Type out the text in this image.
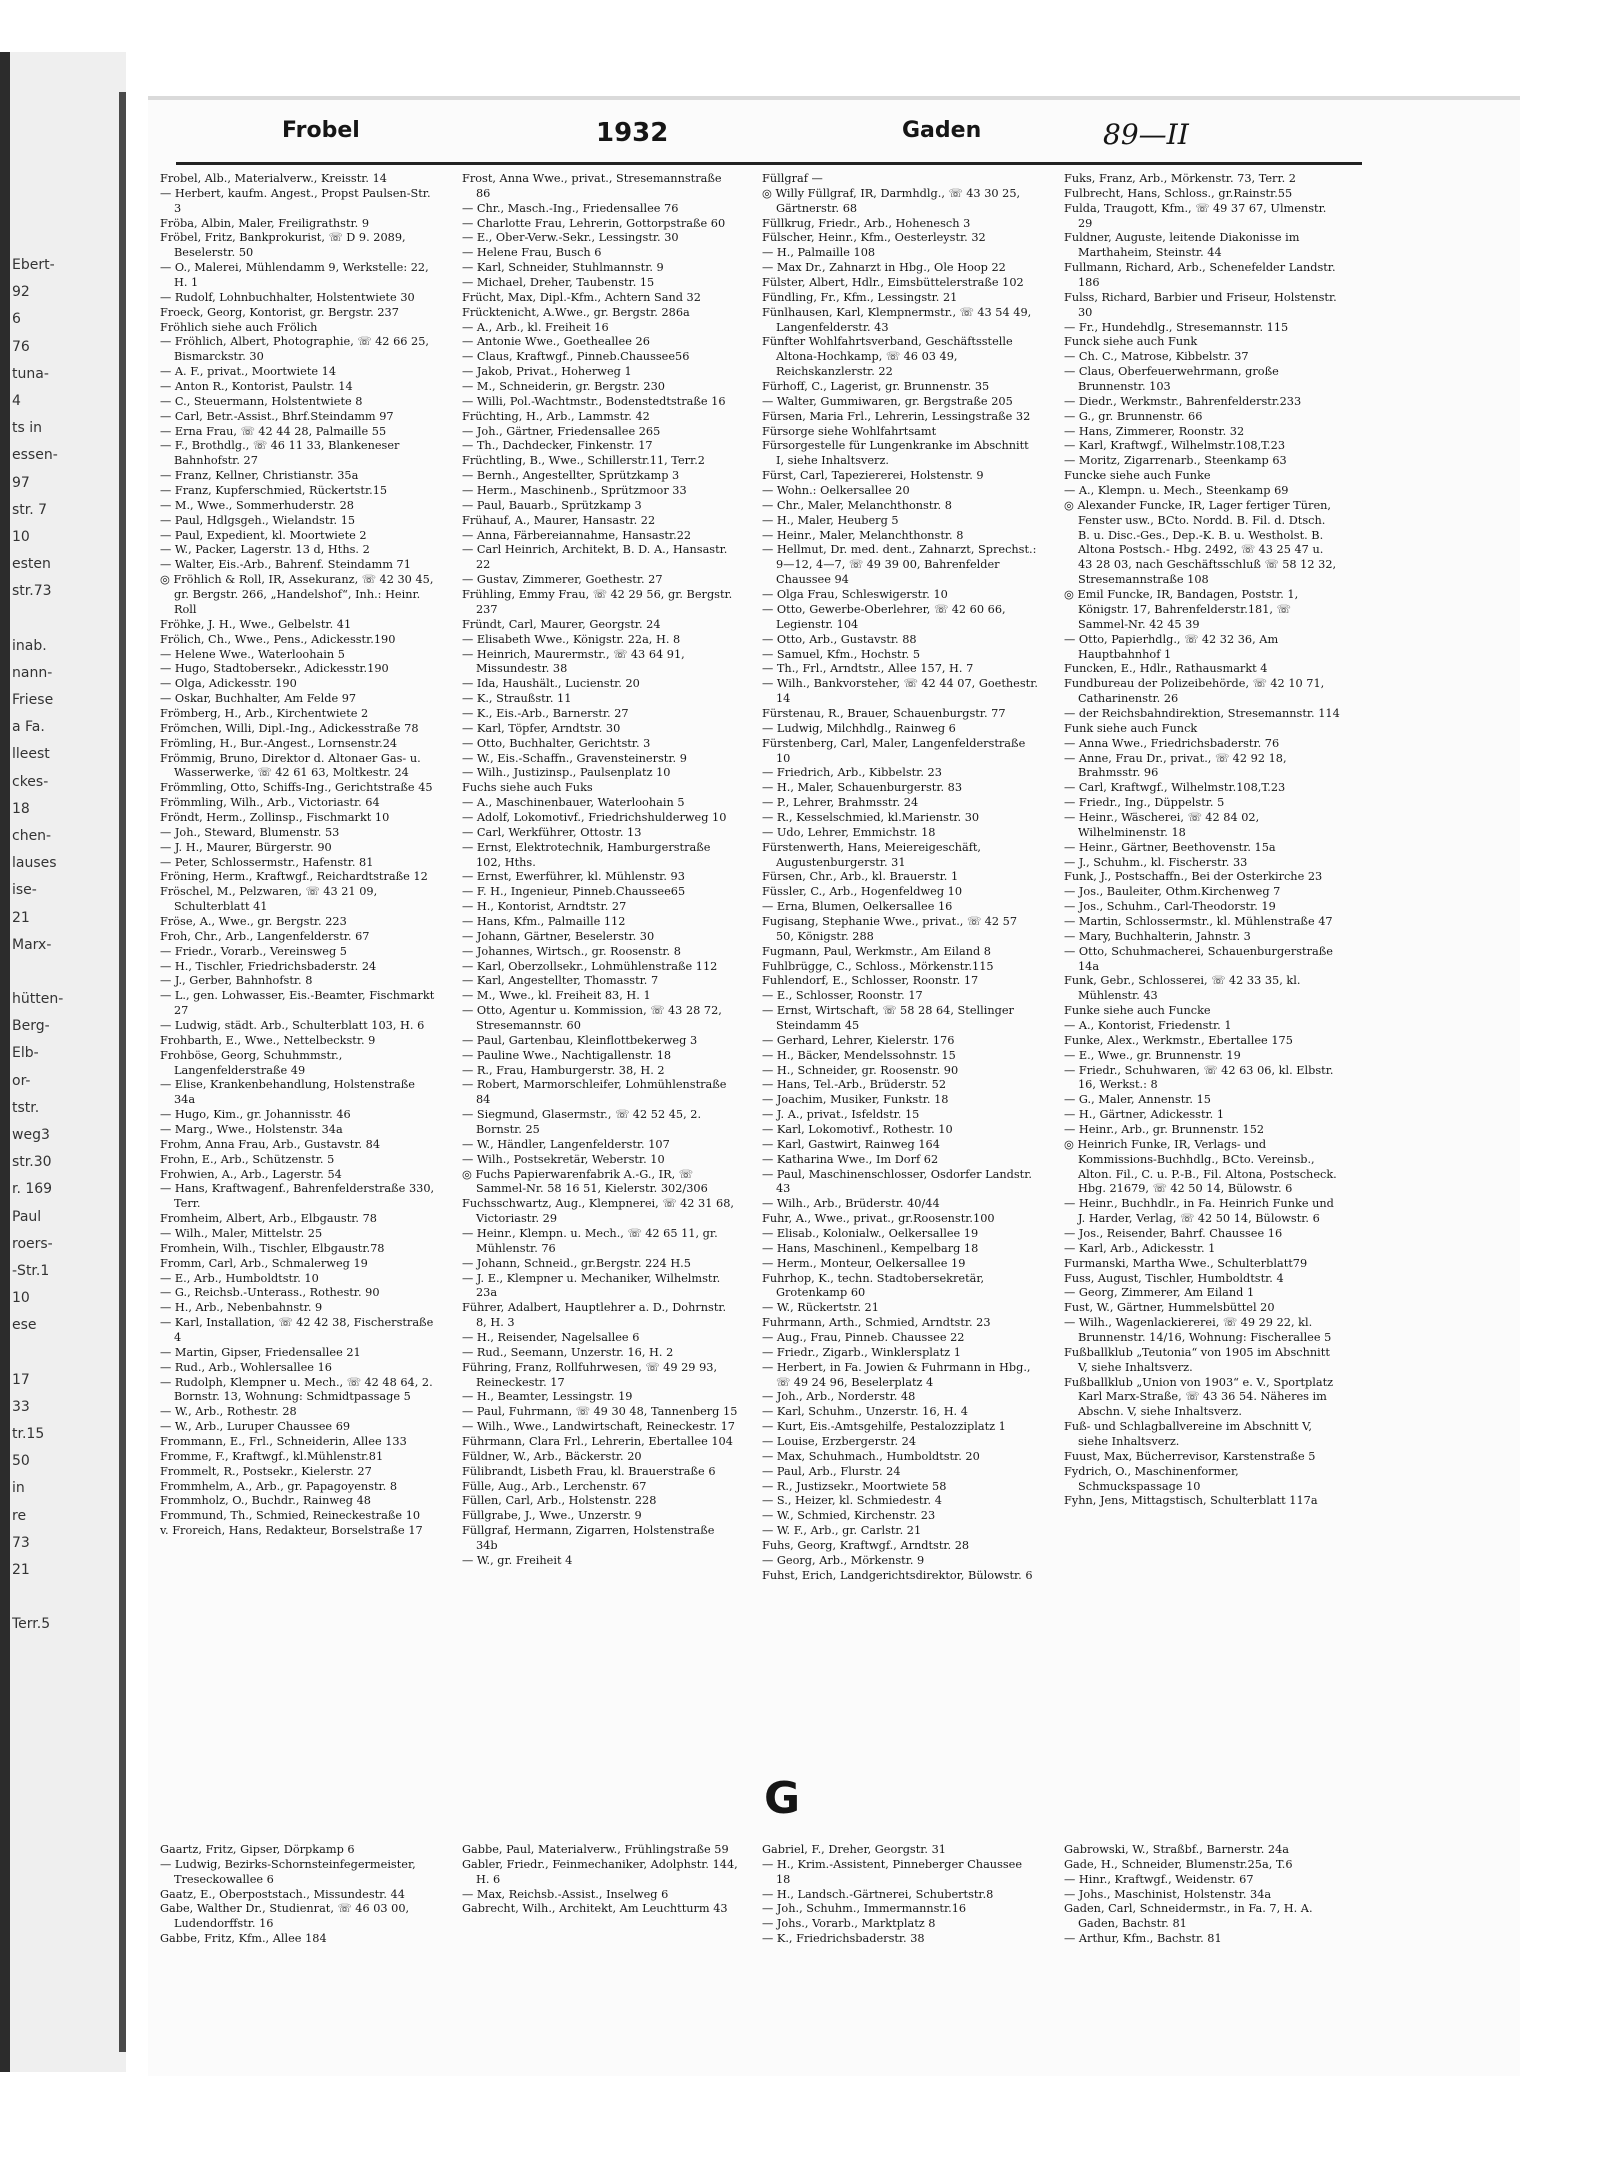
Ebert-
92
6
76
tuna-
4
ts in
essen-
97
str. 7
10
esten
str.73
inab.
nann-
Friese
a Fa.
lleest
ckes-
18
chen-
lauses
ise-
21
Marx-
hütten-
Berg-
Elb-
or-
tstr.
weg3
str.30
r. 169
Paul
roers-
-Str.1
10
ese
17
33
tr.15
50
in
re
73
21
Terr.5
Frobel	1932	Gaden	89—II
Frobel, Alb., Materialverw., Kreisstr. 14
— Herbert, kaufm. Angest., Propst Paulsen-Str. 3
Fröba, Albin, Maler, Freiligrathstr. 9
Fröbel, Fritz, Bankprokurist, ☏ D 9. 2089, Beselerstr. 50
— O., Malerei, Mühlendamm 9, Werkstelle: 22, H. 1
— Rudolf, Lohnbuchhalter, Holstentwiete 30
Froeck, Georg, Kontorist, gr. Bergstr. 237
Fröhlich siehe auch Frölich
— Fröhlich, Albert, Photographie, ☏ 42 66 25, Bismarckstr. 30
— A. F., privat., Moortwiete 14
— Anton R., Kontorist, Paulstr. 14
— C., Steuermann, Holstentwiete 8
— Carl, Betr.-Assist., Bhrf.Steindamm 97
— Erna Frau, ☏ 42 44 28, Palmaille 55
— F., Brothdlg., ☏ 46 11 33, Blankeneser Bahnhofstr. 27
— Franz, Kellner, Christianstr. 35a
— Franz, Kupferschmied, Rückertstr.15
— M., Wwe., Sommerhuderstr. 28
— Paul, Hdlgsgeh., Wielandstr. 15
— Paul, Expedient, kl. Moortwiete 2
— W., Packer, Lagerstr. 13 d, Hths. 2
— Walter, Eis.-Arb., Bahrenf. Steindamm 71
◎ Fröhlich & Roll, IR, Assekuranz, ☏ 42 30 45, gr. Bergstr. 266, „Handelshof“, Inh.: Heinr. Roll
Fröhke, J. H., Wwe., Gelbelstr. 41
Frölich, Ch., Wwe., Pens., Adickesstr.190
— Helene Wwe., Waterloohain 5
— Hugo, Stadtobersekr., Adickesstr.190
— Olga, Adickesstr. 190
— Oskar, Buchhalter, Am Felde 97
Frömberg, H., Arb., Kirchentwiete 2
Frömchen, Willi, Dipl.-Ing., Adickesstraße 78
Frömling, H., Bur.-Angest., Lornsenstr.24
Frömmig, Bruno, Direktor d. Altonaer Gas- u. Wasserwerke, ☏ 42 61 63, Moltkestr. 24
Frömmling, Otto, Schiffs-Ing., Gerichtstraße 45
Frömmling, Wilh., Arb., Victoriastr. 64
Fröndt, Herm., Zollinsp., Fischmarkt 10
— Joh., Steward, Blumenstr. 53
— J. H., Maurer, Bürgerstr. 90
— Peter, Schlossermstr., Hafenstr. 81
Fröning, Herm., Kraftwgf., Reichardtstraße 12
Fröschel, M., Pelzwaren, ☏ 43 21 09, Schulterblatt 41
Fröse, A., Wwe., gr. Bergstr. 223
Froh, Chr., Arb., Langenfelderstr. 67
— Friedr., Vorarb., Vereinsweg 5
— H., Tischler, Friedrichsbaderstr. 24
— J., Gerber, Bahnhofstr. 8
— L., gen. Lohwasser, Eis.-Beamter, Fischmarkt 27
— Ludwig, städt. Arb., Schulterblatt 103, H. 6
Frohbarth, E., Wwe., Nettelbeckstr. 9
Frohböse, Georg, Schuhmmstr., Langenfelderstraße 49
— Elise, Krankenbehandlung, Holstenstraße 34a
— Hugo, Kim., gr. Johannisstr. 46
— Marg., Wwe., Holstenstr. 34a
Frohm, Anna Frau, Arb., Gustavstr. 84
Frohn, E., Arb., Schützenstr. 5
Frohwien, A., Arb., Lagerstr. 54
— Hans, Kraftwagenf., Bahrenfelderstraße 330, Terr.
Fromheim, Albert, Arb., Elbgaustr. 78
— Wilh., Maler, Mittelstr. 25
Fromhein, Wilh., Tischler, Elbgaustr.78
Fromm, Carl, Arb., Schmalerweg 19
— E., Arb., Humboldtstr. 10
— G., Reichsb.-Unterass., Rothestr. 90
— H., Arb., Nebenbahnstr. 9
— Karl, Installation, ☏ 42 42 38, Fischerstraße 4
— Martin, Gipser, Friedensallee 21
— Rud., Arb., Wohlersallee 16
— Rudolph, Klempner u. Mech., ☏ 42 48 64, 2. Bornstr. 13, Wohnung: Schmidtpassage 5
— W., Arb., Rothestr. 28
— W., Arb., Luruper Chaussee 69
Frommann, E., Frl., Schneiderin, Allee 133
Fromme, F., Kraftwgf., kl.Mühlenstr.81
Frommelt, R., Postsekr., Kielerstr. 27
Frommhelm, A., Arb., gr. Papagoyenstr. 8
Frommholz, O., Buchdr., Rainweg 48
Frommund, Th., Schmied, Reineckestraße 10
v. Froreich, Hans, Redakteur, Borselstraße 17
Frost, Anna Wwe., privat., Stresemannstraße 86
— Chr., Masch.-Ing., Friedensallee 76
— Charlotte Frau, Lehrerin, Gottorpstraße 60
— E., Ober-Verw.-Sekr., Lessingstr. 30
— Helene Frau, Busch 6
— Karl, Schneider, Stuhlmannstr. 9
— Michael, Dreher, Taubenstr. 15
Frücht, Max, Dipl.-Kfm., Achtern Sand 32
Frücktenicht, A.Wwe., gr. Bergstr. 286a
— A., Arb., kl. Freiheit 16
— Antonie Wwe., Goetheallee 26
— Claus, Kraftwgf., Pinneb.Chaussee56
— Jakob, Privat., Hoherweg 1
— M., Schneiderin, gr. Bergstr. 230
— Willi, Pol.-Wachtmstr., Bodenstedtstraße 16
Früchting, H., Arb., Lammstr. 42
— Joh., Gärtner, Friedensallee 265
— Th., Dachdecker, Finkenstr. 17
Früchtling, B., Wwe., Schillerstr.11, Terr.2
— Bernh., Angestellter, Sprützkamp 3
— Herm., Maschinenb., Sprützmoor 33
— Paul, Bauarb., Sprützkamp 3
Frühauf, A., Maurer, Hansastr. 22
— Anna, Färbereiannahme, Hansastr.22
— Carl Heinrich, Architekt, B. D. A., Hansastr. 22
— Gustav, Zimmerer, Goethestr. 27
Frühling, Emmy Frau, ☏ 42 29 56, gr. Bergstr. 237
Fründt, Carl, Maurer, Georgstr. 24
— Elisabeth Wwe., Königstr. 22a, H. 8
— Heinrich, Maurermstr., ☏ 43 64 91, Missundestr. 38
— Ida, Haushält., Lucienstr. 20
— K., Straußstr. 11
— K., Eis.-Arb., Barnerstr. 27
— Karl, Töpfer, Arndtstr. 30
— Otto, Buchhalter, Gerichtstr. 3
— W., Eis.-Schaffn., Gravensteinerstr. 9
— Wilh., Justizinsp., Paulsenplatz 10
Fuchs siehe auch Fuks
— A., Maschinenbauer, Waterloohain 5
— Adolf, Lokomotivf., Friedrichshulderweg 10
— Carl, Werkführer, Ottostr. 13
— Ernst, Elektrotechnik, Hamburgerstraße 102, Hths.
— Ernst, Ewerführer, kl. Mühlenstr. 93
— F. H., Ingenieur, Pinneb.Chaussee65
— H., Kontorist, Arndtstr. 27
— Hans, Kfm., Palmaille 112
— Johann, Gärtner, Beselerstr. 30
— Johannes, Wirtsch., gr. Roosenstr. 8
— Karl, Oberzollsekr., Lohmühlenstraße 112
— Karl, Angestellter, Thomasstr. 7
— M., Wwe., kl. Freiheit 83, H. 1
— Otto, Agentur u. Kommission, ☏ 43 28 72, Stresemannstr. 60
— Paul, Gartenbau, Kleinflottbekerweg 3
— Pauline Wwe., Nachtigallenstr. 18
— R., Frau, Hamburgerstr. 38, H. 2
— Robert, Marmorschleifer, Lohmühlenstraße 84
— Siegmund, Glasermstr., ☏ 42 52 45, 2. Bornstr. 25
— W., Händler, Langenfelderstr. 107
— Wilh., Postsekretär, Weberstr. 10
◎ Fuchs Papierwarenfabrik A.-G., IR, ☏ Sammel-Nr. 58 16 51, Kielerstr. 302/306
Fuchsschwartz, Aug., Klempnerei, ☏ 42 31 68, Victoriastr. 29
— Heinr., Klempn. u. Mech., ☏ 42 65 11, gr. Mühlenstr. 76
— Johann, Schneid., gr.Bergstr. 224 H.5
— J. E., Klempner u. Mechaniker, Wilhelmstr. 23a
Führer, Adalbert, Hauptlehrer a. D., Dohrnstr. 8, H. 3
— H., Reisender, Nagelsallee 6
— Rud., Seemann, Unzerstr. 16, H. 2
Führing, Franz, Rollfuhrwesen, ☏ 49 29 93, Reineckestr. 17
— H., Beamter, Lessingstr. 19
— Paul, Fuhrmann, ☏ 49 30 48, Tannenberg 15
— Wilh., Wwe., Landwirtschaft, Reineckestr. 17
Führmann, Clara Frl., Lehrerin, Ebertallee 104
Füldner, W., Arb., Bäckerstr. 20
Fülibrandt, Lisbeth Frau, kl. Brauerstraße 6
Fülle, Aug., Arb., Lerchenstr. 67
Füllen, Carl, Arb., Holstenstr. 228
Füllgrabe, J., Wwe., Unzerstr. 9
Füllgraf, Hermann, Zigarren, Holstenstraße 34b
— W., gr. Freiheit 4
Füllgraf —
◎ Willy Füllgraf, IR, Darmhdlg., ☏ 43 30 25, Gärtnerstr. 68
Füllkrug, Friedr., Arb., Hohenesch 3
Fülscher, Heinr., Kfm., Oesterleystr. 32
— H., Palmaille 108
— Max Dr., Zahnarzt in Hbg., Ole Hoop 22
Fülster, Albert, Hdlr., Eimsbüttelerstraße 102
Fündling, Fr., Kfm., Lessingstr. 21
Fünlhausen, Karl, Klempnermstr., ☏ 43 54 49, Langenfelderstr. 43
Fünfter Wohlfahrtsverband, Geschäftsstelle Altona-Hochkamp, ☏ 46 03 49, Reichskanzlerstr. 22
Fürhoff, C., Lagerist, gr. Brunnenstr. 35
— Walter, Gummiwaren, gr. Bergstraße 205
Fürsen, Maria Frl., Lehrerin, Lessingstraße 32
Fürsorge siehe Wohlfahrtsamt
Fürsorgestelle für Lungenkranke im Abschnitt I, siehe Inhaltsverz.
Fürst, Carl, Tapeziererei, Holstenstr. 9
— Wohn.: Oelkersallee 20
— Chr., Maler, Melanchthonstr. 8
— H., Maler, Heuberg 5
— Heinr., Maler, Melanchthonstr. 8
— Hellmut, Dr. med. dent., Zahnarzt, Sprechst.: 9—12, 4—7, ☏ 49 39 00, Bahrenfelder Chaussee 94
— Olga Frau, Schleswigerstr. 10
— Otto, Gewerbe-Oberlehrer, ☏ 42 60 66, Legienstr. 104
— Otto, Arb., Gustavstr. 88
— Samuel, Kfm., Hochstr. 5
— Th., Frl., Arndtstr., Allee 157, H. 7
— Wilh., Bankvorsteher, ☏ 42 44 07, Goethestr. 14
Fürstenau, R., Brauer, Schauenburgstr. 77
— Ludwig, Milchhdlg., Rainweg 6
Fürstenberg, Carl, Maler, Langenfelderstraße 10
— Friedrich, Arb., Kibbelstr. 23
— H., Maler, Schauenburgerstr. 83
— P., Lehrer, Brahmsstr. 24
— R., Kesselschmied, kl.Marienstr. 30
— Udo, Lehrer, Emmichstr. 18
Fürstenwerth, Hans, Meiereigeschäft, Augustenburgerstr. 31
Fürsen, Chr., Arb., kl. Brauerstr. 1
Füssler, C., Arb., Hogenfeldweg 10
— Erna, Blumen, Oelkersallee 16
Fugisang, Stephanie Wwe., privat., ☏ 42 57 50, Königstr. 288
Fugmann, Paul, Werkmstr., Am Eiland 8
Fuhlbrügge, C., Schloss., Mörkenstr.115
Fuhlendorf, E., Schlosser, Roonstr. 17
— E., Schlosser, Roonstr. 17
— Ernst, Wirtschaft, ☏ 58 28 64, Stellinger Steindamm 45
— Gerhard, Lehrer, Kielerstr. 176
— H., Bäcker, Mendelssohnstr. 15
— H., Schneider, gr. Roosenstr. 90
— Hans, Tel.-Arb., Brüderstr. 52
— Joachim, Musiker, Funkstr. 18
— J. A., privat., Isfeldstr. 15
— Karl, Lokomotivf., Rothestr. 10
— Karl, Gastwirt, Rainweg 164
— Katharina Wwe., Im Dorf 62
— Paul, Maschinenschlosser, Osdorfer Landstr. 43
— Wilh., Arb., Brüderstr. 40/44
Fuhr, A., Wwe., privat., gr.Roosenstr.100
— Elisab., Kolonialw., Oelkersallee 19
— Hans, Maschinenl., Kempelbarg 18
— Herm., Monteur, Oelkersallee 19
Fuhrhop, K., techn. Stadtobersekretär, Grotenkamp 60
— W., Rückertstr. 21
Fuhrmann, Arth., Schmied, Arndtstr. 23
— Aug., Frau, Pinneb. Chaussee 22
— Friedr., Zigarb., Winklersplatz 1
— Herbert, in Fa. Jowien & Fuhrmann in Hbg., ☏ 49 24 96, Beselerplatz 4
— Joh., Arb., Norderstr. 48
— Karl, Schuhm., Unzerstr. 16, H. 4
— Kurt, Eis.-Amtsgehilfe, Pestalozziplatz 1
— Louise, Erzbergerstr. 24
— Max, Schuhmach., Humboldtstr. 20
— Paul, Arb., Flurstr. 24
— R., Justizsekr., Moortwiete 58
— S., Heizer, kl. Schmiedestr. 4
— W., Schmied, Kirchenstr. 23
— W. F., Arb., gr. Carlstr. 21
Fuhs, Georg, Kraftwgf., Arndtstr. 28
— Georg, Arb., Mörkenstr. 9
Fuhst, Erich, Landgerichtsdirektor, Bülowstr. 6
Fuks, Franz, Arb., Mörkenstr. 73, Terr. 2
Fulbrecht, Hans, Schloss., gr.Rainstr.55
Fulda, Traugott, Kfm., ☏ 49 37 67, Ulmenstr. 29
Fuldner, Auguste, leitende Diakonisse im Marthaheim, Steinstr. 44
Fullmann, Richard, Arb., Schenefelder Landstr. 186
Fulss, Richard, Barbier und Friseur, Holstenstr. 30
— Fr., Hundehdlg., Stresemannstr. 115
Funck siehe auch Funk
— Ch. C., Matrose, Kibbelstr. 37
— Claus, Oberfeuerwehrmann, große Brunnenstr. 103
— Diedr., Werkmstr., Bahrenfelderstr.233
— G., gr. Brunnenstr. 66
— Hans, Zimmerer, Roonstr. 32
— Karl, Kraftwgf., Wilhelmstr.108,T.23
— Moritz, Zigarrenarb., Steenkamp 63
Funcke siehe auch Funke
— A., Klempn. u. Mech., Steenkamp 69
◎ Alexander Funcke, IR, Lager fertiger Türen, Fenster usw., BCto. Nordd. B. Fil. d. Dtsch. B. u. Disc.-Ges., Dep.-K. B. u. Westholst. B. Altona Postsch.- Hbg. 2492, ☏ 43 25 47 u. 43 28 03, nach Geschäftsschluß ☏ 58 12 32, Stresemannstraße 108
◎ Emil Funcke, IR, Bandagen, Poststr. 1, Königstr. 17, Bahrenfelderstr.181, ☏ Sammel-Nr. 42 45 39
— Otto, Papierhdlg., ☏ 42 32 36, Am Hauptbahnhof 1
Funcken, E., Hdlr., Rathausmarkt 4
Fundbureau der Polizeibehörde, ☏ 42 10 71, Catharinenstr. 26
— der Reichsbahndirektion, Stresemannstr. 114
Funk siehe auch Funck
— Anna Wwe., Friedrichsbaderstr. 76
— Anne, Frau Dr., privat., ☏ 42 92 18, Brahmsstr. 96
— Carl, Kraftwgf., Wilhelmstr.108,T.23
— Friedr., Ing., Düppelstr. 5
— Heinr., Wäscherei, ☏ 42 84 02, Wilhelminenstr. 18
— Heinr., Gärtner, Beethovenstr. 15a
— J., Schuhm., kl. Fischerstr. 33
Funk, J., Postschaffn., Bei der Osterkirche 23
— Jos., Bauleiter, Othm.Kirchenweg 7
— Jos., Schuhm., Carl-Theodorstr. 19
— Martin, Schlossermstr., kl. Mühlenstraße 47
— Mary, Buchhalterin, Jahnstr. 3
— Otto, Schuhmacherei, Schauenburgerstraße 14a
Funk, Gebr., Schlosserei, ☏ 42 33 35, kl. Mühlenstr. 43
Funke siehe auch Funcke
— A., Kontorist, Friedenstr. 1
Funke, Alex., Werkmstr., Ebertallee 175
— E., Wwe., gr. Brunnenstr. 19
— Friedr., Schuhwaren, ☏ 42 63 06, kl. Elbstr. 16, Werkst.: 8
— G., Maler, Annenstr. 15
— H., Gärtner, Adickesstr. 1
— Heinr., Arb., gr. Brunnenstr. 152
◎ Heinrich Funke, IR, Verlags- und Kommissions-Buchhdlg., BCto. Vereinsb., Alton. Fil., C. u. P.-B., Fil. Altona, Postscheck. Hbg. 21679, ☏ 42 50 14, Bülowstr. 6
— Heinr., Buchhdlr., in Fa. Heinrich Funke und J. Harder, Verlag, ☏ 42 50 14, Bülowstr. 6
— Jos., Reisender, Bahrf. Chaussee 16
— Karl, Arb., Adickesstr. 1
Furmanski, Martha Wwe., Schulterblatt79
Fuss, August, Tischler, Humboldtstr. 4
— Georg, Zimmerer, Am Eiland 1
Fust, W., Gärtner, Hummelsbüttel 20
— Wilh., Wagenlackiererei, ☏ 49 29 22, kl. Brunnenstr. 14/16, Wohnung: Fischerallee 5
Fußballklub „Teutonia“ von 1905 im Abschnitt V, siehe Inhaltsverz.
Fußballklub „Union von 1903“ e. V., Sportplatz Karl Marx-Straße, ☏ 43 36 54. Näheres im Abschn. V, siehe Inhaltsverz.
Fuß- und Schlagballvereine im Abschnitt V, siehe Inhaltsverz.
Fuust, Max, Bücherrevisor, Karstenstraße 5
Fydrich, O., Maschinenformer, Schmuckspassage 10
Fyhn, Jens, Mittagstisch, Schulterblatt 117a
G
Gaartz, Fritz, Gipser, Dörpkamp 6
— Ludwig, Bezirks-Schornsteinfegermeister, Treseckowallee 6
Gaatz, E., Oberpoststach., Missundestr. 44
Gabe, Walther Dr., Studienrat, ☏ 46 03 00, Ludendorffstr. 16
Gabbe, Fritz, Kfm., Allee 184
Gabbe, Paul, Materialverw., Frühlingstraße 59
Gabler, Friedr., Feinmechaniker, Adolphstr. 144, H. 6
— Max, Reichsb.-Assist., Inselweg 6
Gabrecht, Wilh., Architekt, Am Leuchtturm 43
Gabriel, F., Dreher, Georgstr. 31
— H., Krim.-Assistent, Pinneberger Chaussee 18
— H., Landsch.-Gärtnerei, Schubertstr.8
— Joh., Schuhm., Immermannstr.16
— Johs., Vorarb., Marktplatz 8
— K., Friedrichsbaderstr. 38
Gabrowski, W., Straßbf., Barnerstr. 24a
Gade, H., Schneider, Blumenstr.25a, T.6
— Hinr., Kraftwgf., Weidenstr. 67
— Johs., Maschinist, Holstenstr. 34a
Gaden, Carl, Schneidermstr., in Fa. 7, H. A. Gaden, Bachstr. 81
— Arthur, Kfm., Bachstr. 81
